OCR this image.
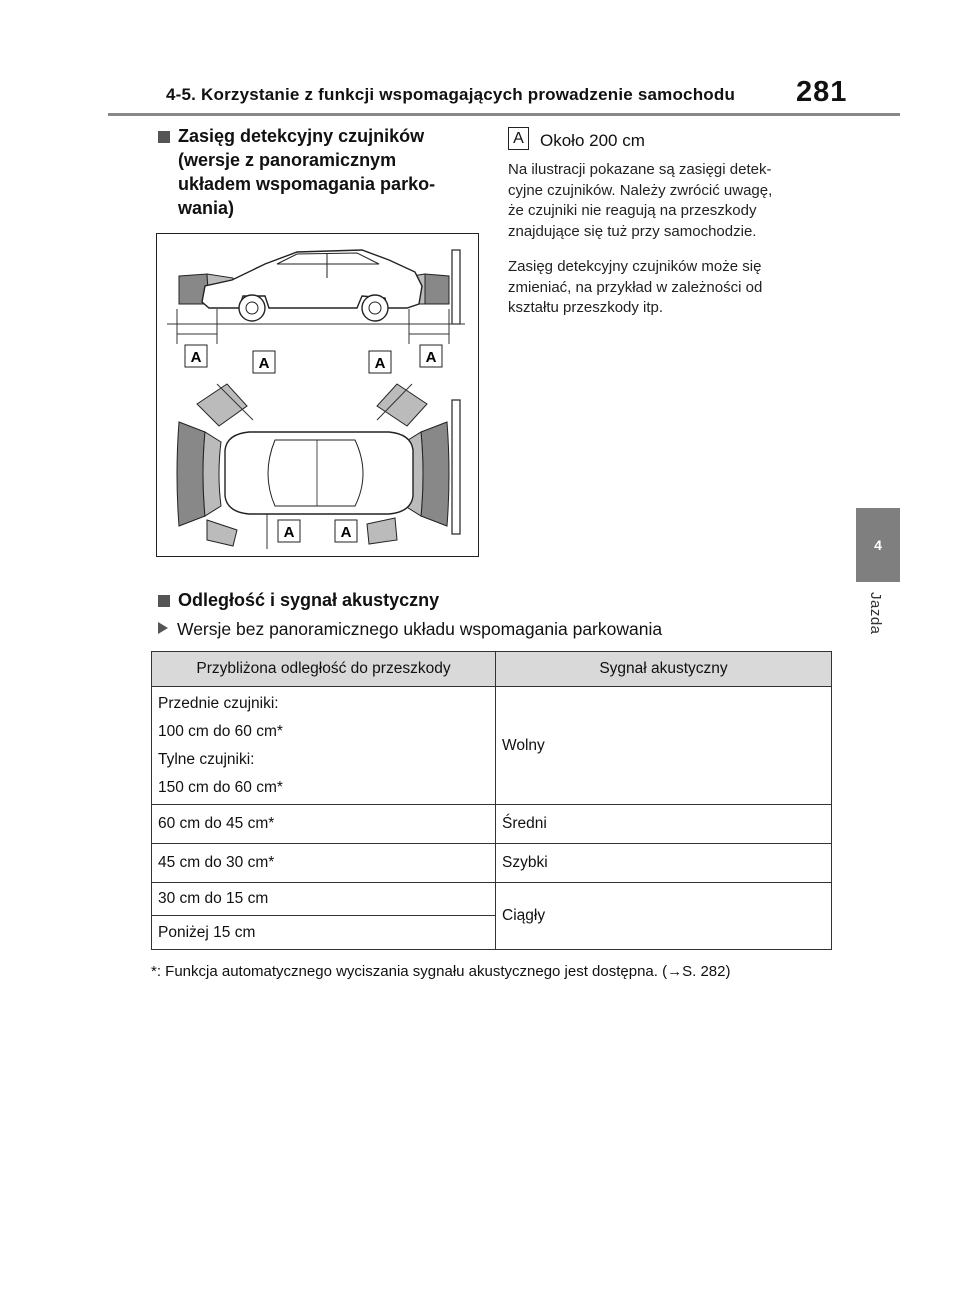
4-5. Korzystanie z funkcji wspomagających prowadzenie samochodu 281
4
Jazda
Zasięg detekcyjny czujników
(wersje z panoramicznym
układem wspomagania parko-
wania)
A Około 200 cm
Na ilustracji pokazane są zasięgi detek-
cyjne czujników. Należy zwrócić uwagę,
że czujniki nie reagują na przeszkody
znajdujące się tuż przy samochodzie.
Zasięg detekcyjny czujników może się
zmieniać, na przykład w zależności od
kształtu przeszkody itp.
A	A	A	A
A	A
Odległość i sygnał akustyczny
Wersje bez panoramicznego układu wspomagania parkowania
Przybliżona odległość do przeszkody	Sygnał akustyczny

Przednie czujniki:

100 cm do 60 cm*

Tylne czujniki:

150 cm do 60 cm*	Wolny
60 cm do 45 cm*	Średni
45 cm do 30 cm*	Szybki
30 cm do 15 cm	Ciągły
Poniżej 15 cm	
*: Funkcja automatycznego wyciszania sygnału akustycznego jest dostępna. (→S. 282)
